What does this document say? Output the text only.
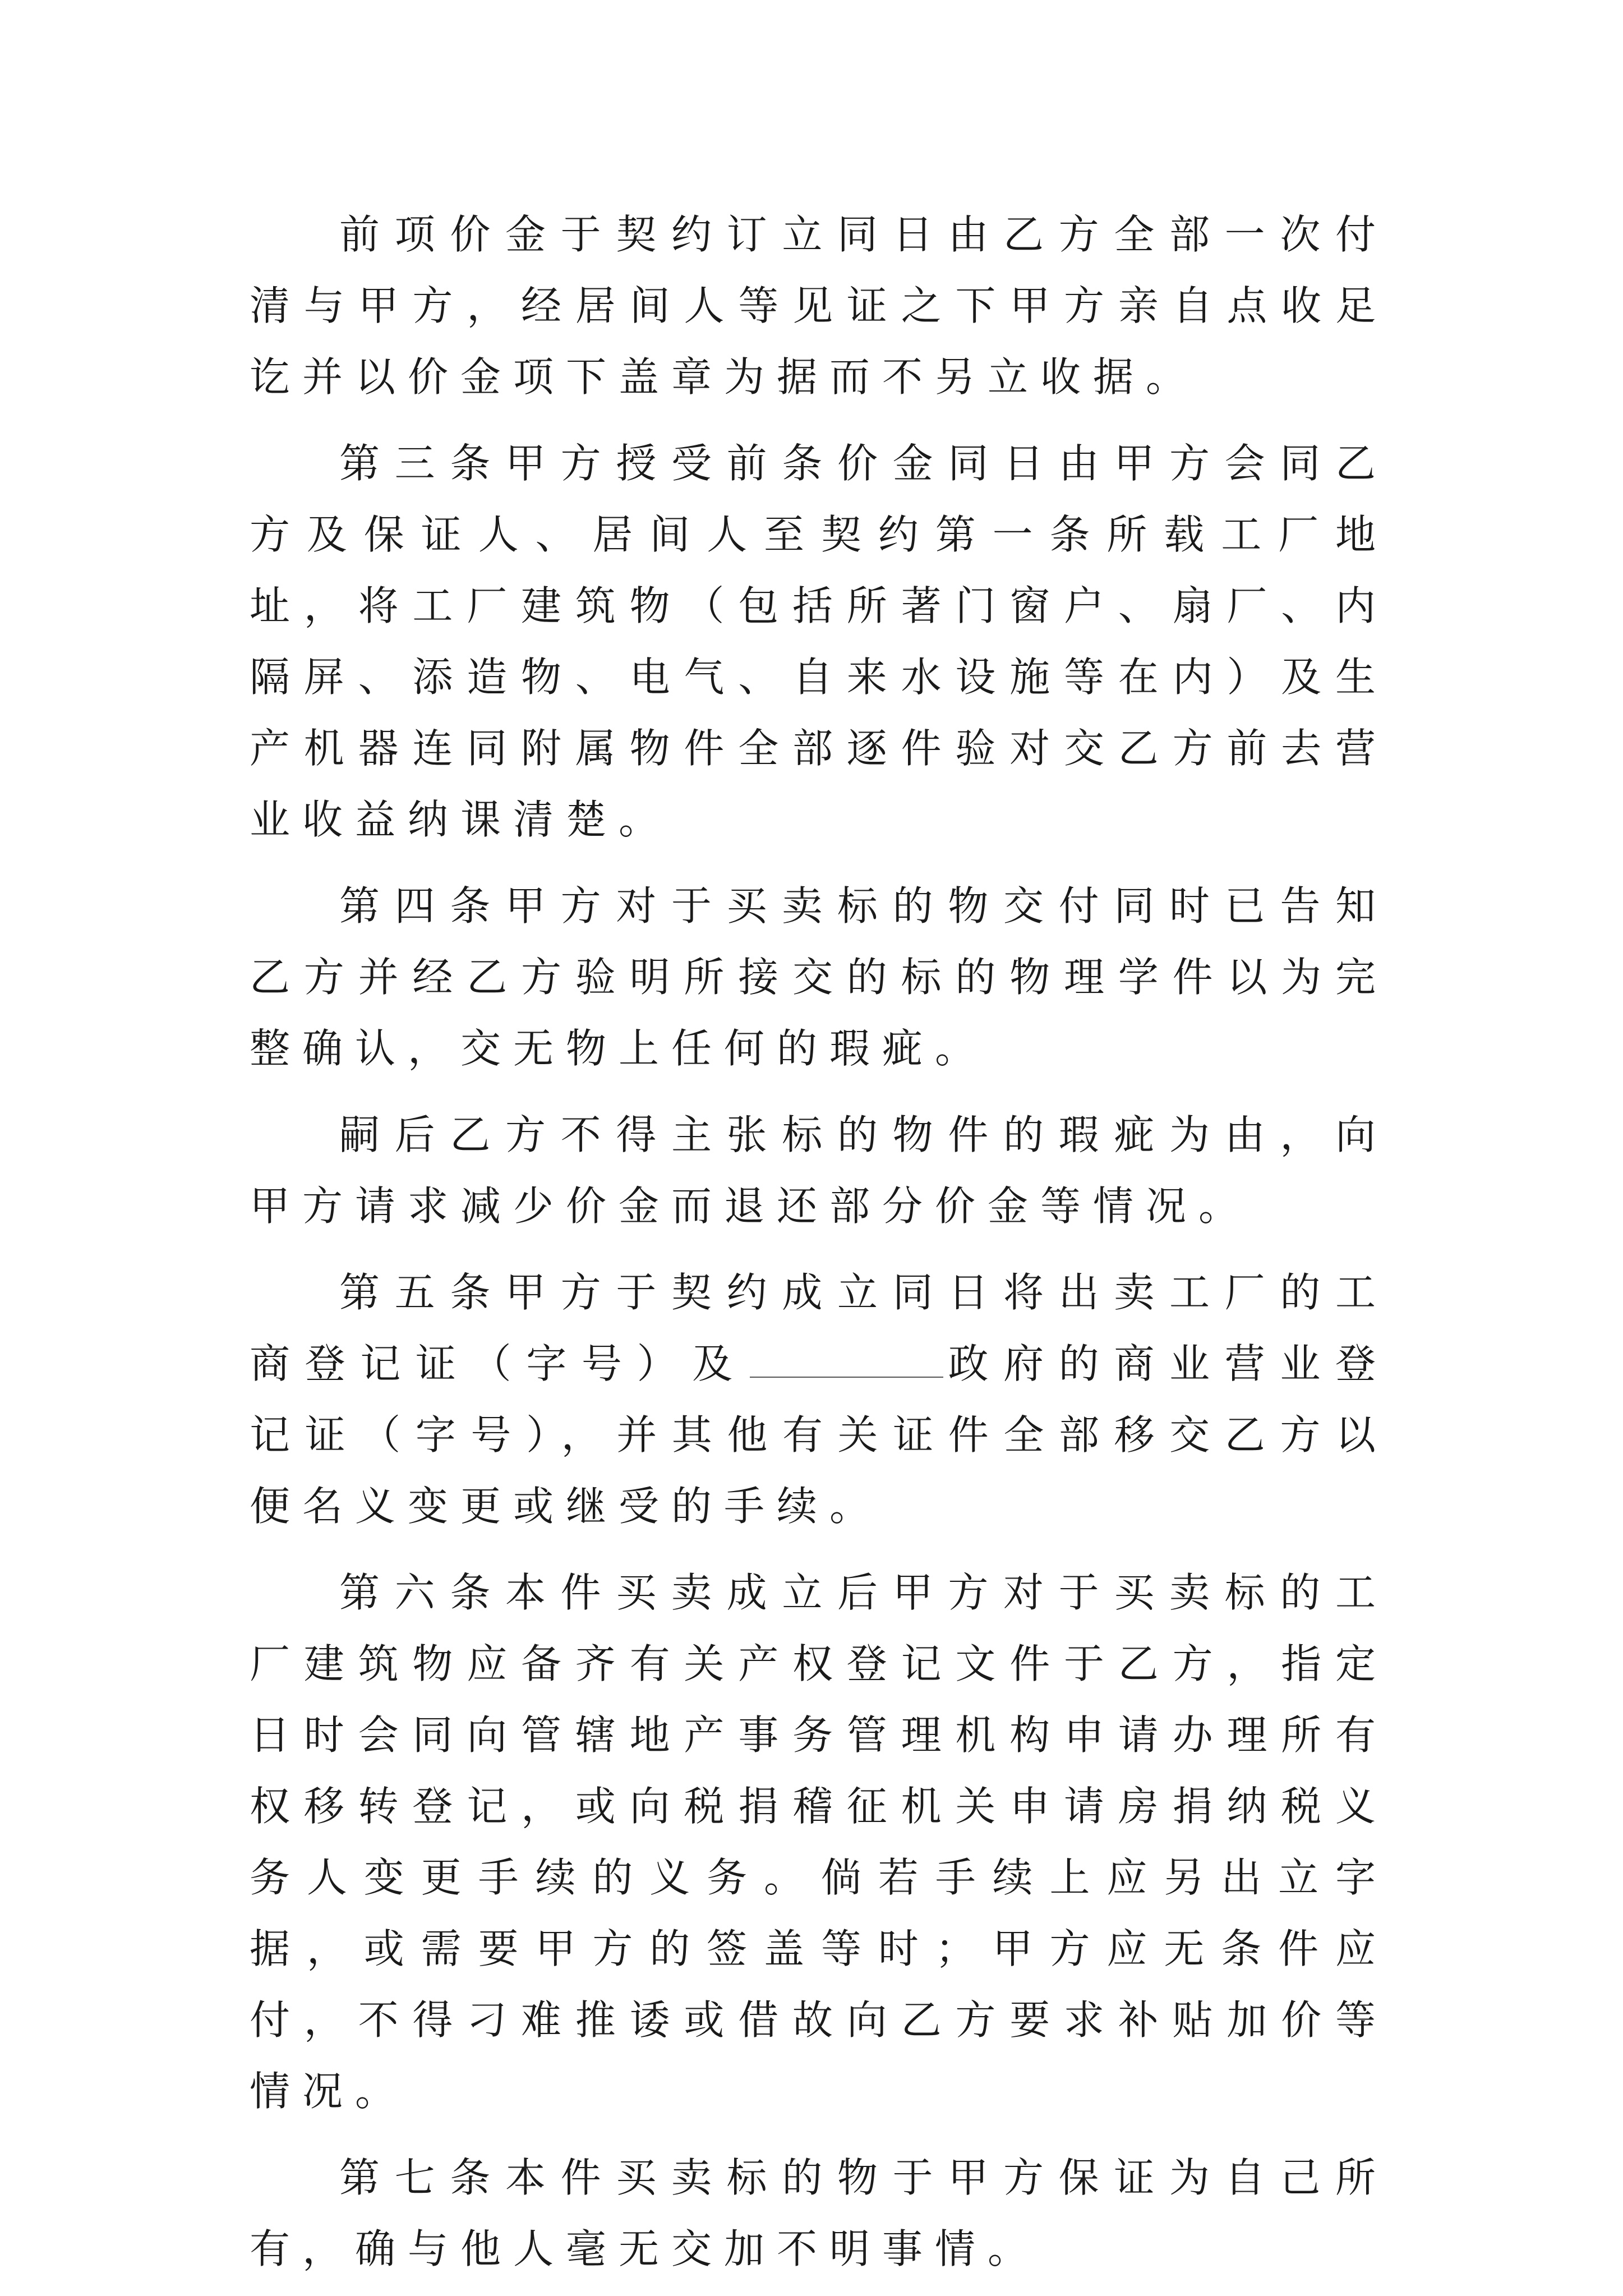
前项价金于契约订立同日由乙方全部一次付清与甲方，经居间人等见证之下甲方亲自点收足讫并以价金项下盖章为据而不另立收据。

第三条甲方授受前条价金同日由甲方会同乙方及保证人、居间人至契约第一条所载工厂地址，将工厂建筑物（包括所著门窗户、扇厂、内隔屏、添造物、电气、自来水设施等在内）及生产机器连同附属物件全部逐件验对交乙方前去营业收益纳课清楚。

第四条甲方对于买卖标的物交付同时已告知乙方并经乙方验明所接交的标的物理学件以为完整确认，交无物上任何的瑕疵。

嗣后乙方不得主张标的物件的瑕疵为由，向甲方请求减少价金而退还部分价金等情况。

第五条甲方于契约成立同日将出卖工厂的工商登记证（字号）及	政府的商业营业登记证（字号），并其他有关证件全部移交乙方以便名义变更或继受的手续。

第六条本件买卖成立后甲方对于买卖标的工厂建筑物应备齐有关产权登记文件于乙方，指定日时会同向管辖地产事务管理机构申请办理所有权移转登记，或向税捐稽征机关申请房捐纳税义务人变更手续的义务。倘若手续上应另出立字据，或需要甲方的签盖等时；甲方应无条件应付，不得刁难推诿或借故向乙方要求补贴加价等情况。

第七条本件买卖标的物于甲方保证为自己所有，确与他人毫无交加不明事情。
